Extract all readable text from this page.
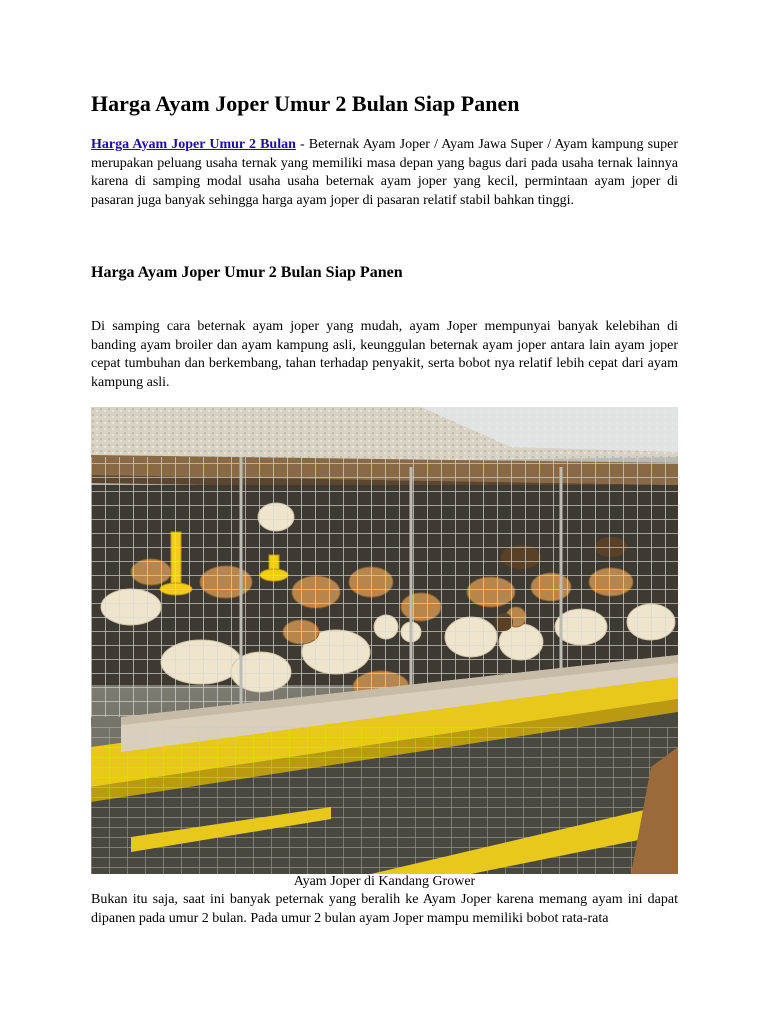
Harga Ayam Joper Umur 2 Bulan Siap Panen

Harga Ayam Joper Umur 2 Bulan - Beternak Ayam Joper / Ayam Jawa Super / Ayam kampung super merupakan peluang usaha ternak yang memiliki masa depan yang bagus dari pada usaha ternak lainnya karena di samping modal usaha usaha beternak ayam joper yang kecil, permintaan ayam joper di pasaran juga banyak sehingga harga ayam joper di pasaran relatif stabil bahkan tinggi.

Harga Ayam Joper Umur 2 Bulan Siap Panen

Di samping cara beternak ayam joper yang mudah, ayam Joper mempunyai banyak kelebihan di banding ayam broiler dan ayam kampung asli, keunggulan beternak ayam joper antara lain ayam joper cepat tumbuhan dan berkembang, tahan terhadap penyakit, serta bobot nya relatif lebih cepat dari ayam kampung asli.

Ayam Joper di Kandang Grower

Bukan itu saja, saat ini banyak peternak yang beralih ke Ayam Joper karena memang ayam ini dapat dipanen pada umur 2 bulan. Pada umur 2 bulan ayam Joper mampu memiliki bobot rata-rata
